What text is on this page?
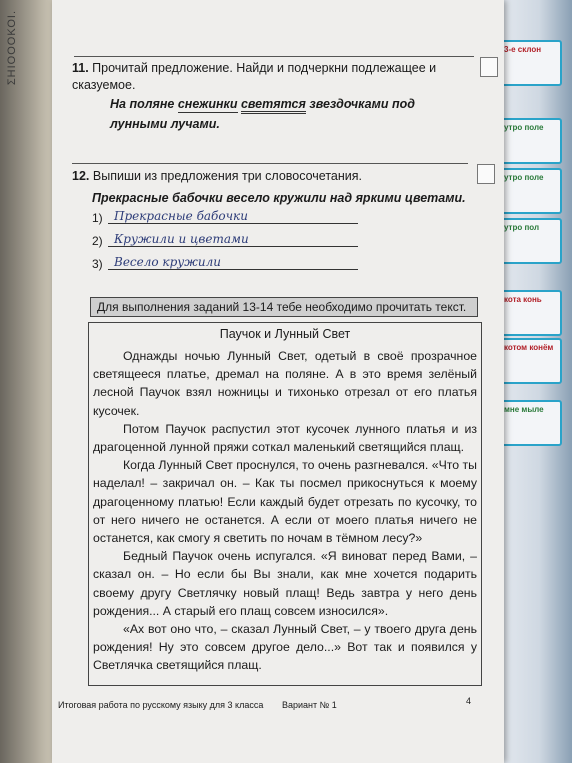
ΣΗΙΟΟΟΚΟΙ.	3-е склон
утро поле
утро поле
утро пол
кота конь
котом конём
мне мыле
11. Прочитай предложение. Найди и подчеркни подлежащее и сказуемое.
На поляне снежинки светятся звездочками под лунными лучами.
12. Выпиши из предложения три словосочетания.
Прекрасные бабочки весело кружили над яркими цветами.
1) Прекрасные бабочки
2) Кружили и цветами
3) Весело кружили
Для выполнения заданий 13-14 тебе необходимо прочитать текст.
Паучок и Лунный Свет

Однажды ночью Лунный Свет, одетый в своё прозрачное светящееся платье, дремал на поляне. А в это время зелёный лесной Паучок взял ножницы и тихонько отрезал от его платья кусочек.

Потом Паучок распустил этот кусочек лунного платья и из драгоценной лунной пряжи соткал маленький светящийся плащ.

Когда Лунный Свет проснулся, то очень разгневался. «Что ты наделал! – закричал он. – Как ты посмел прикоснуться к моему драгоценному платью! Если каждый будет отрезать по кусочку, то от него ничего не останется. А если от моего платья ничего не останется, как смогу я светить по ночам в тёмном лесу?»

Бедный Паучок очень испугался. «Я виноват перед Вами, – сказал он. – Но если бы Вы знали, как мне хочется подарить своему другу Светлячку новый плащ! Ведь завтра у него день рождения... А старый его плащ совсем износился».

«Ах вот оно что, – сказал Лунный Свет, – у твоего друга день рождения! Ну это совсем другое дело...» Вот так и появился у Светлячка светящийся плащ.

Итоговая работа по русскому языку для 3 класса Вариант № 1	4
